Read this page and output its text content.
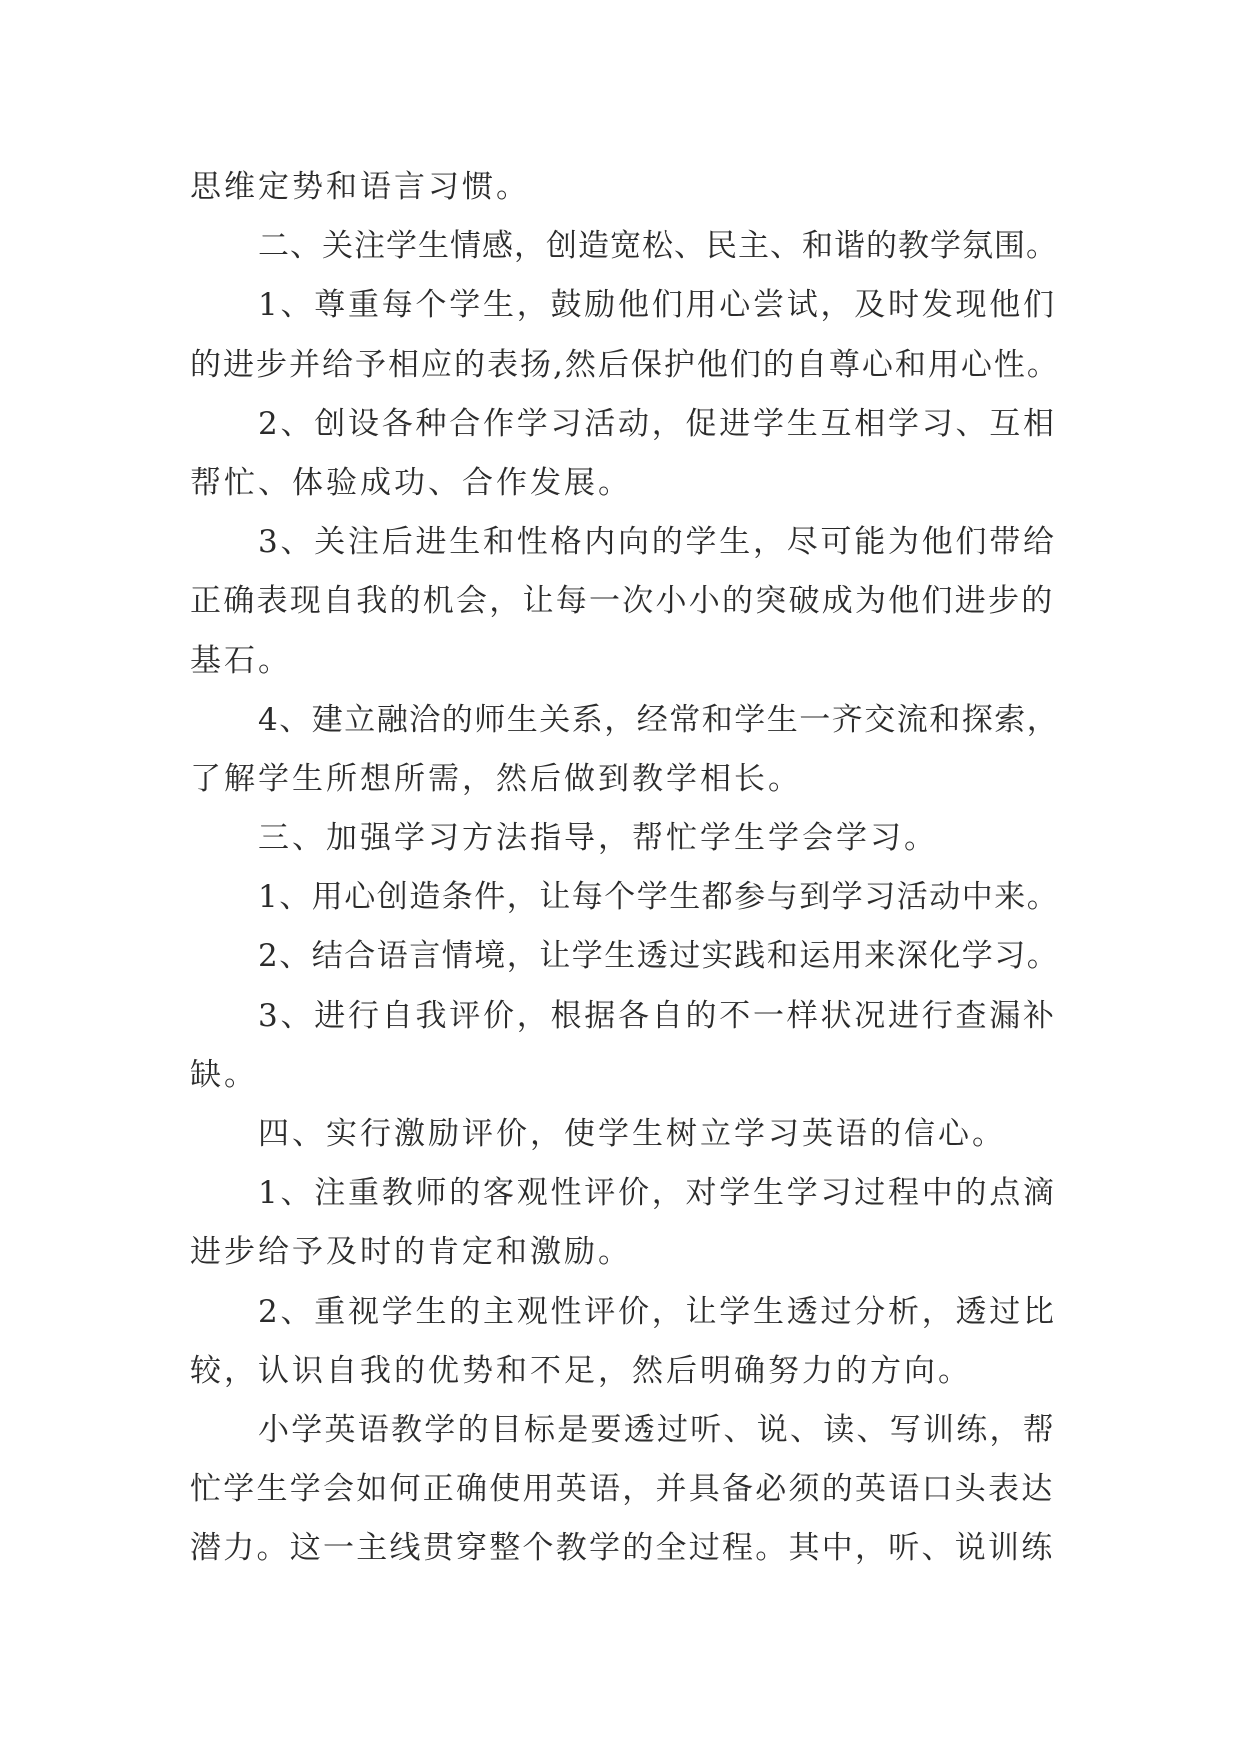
思维定势和语言习惯。

二、关注学生情感，创造宽松、民主、和谐的教学氛围。

1、尊重每个学生，鼓励他们用心尝试，及时发现他们

的进步并给予相应的表扬,然后保护他们的自尊心和用心性。

2、创设各种合作学习活动，促进学生互相学习、互相

帮忙、体验成功、合作发展。

3、关注后进生和性格内向的学生，尽可能为他们带给

正确表现自我的机会，让每一次小小的突破成为他们进步的

基石。

4、建立融洽的师生关系，经常和学生一齐交流和探索，

了解学生所想所需，然后做到教学相长。

三、加强学习方法指导，帮忙学生学会学习。

1、用心创造条件，让每个学生都参与到学习活动中来。

2、结合语言情境，让学生透过实践和运用来深化学习。

3、进行自我评价，根据各自的不一样状况进行查漏补

缺。

四、实行激励评价，使学生树立学习英语的信心。

1、注重教师的客观性评价，对学生学习过程中的点滴

进步给予及时的肯定和激励。

2、重视学生的主观性评价，让学生透过分析，透过比

较，认识自我的优势和不足，然后明确努力的方向。

小学英语教学的目标是要透过听、说、读、写训练，帮

忙学生学会如何正确使用英语，并具备必须的英语口头表达

潜力。这一主线贯穿整个教学的全过程。其中，听、说训练
